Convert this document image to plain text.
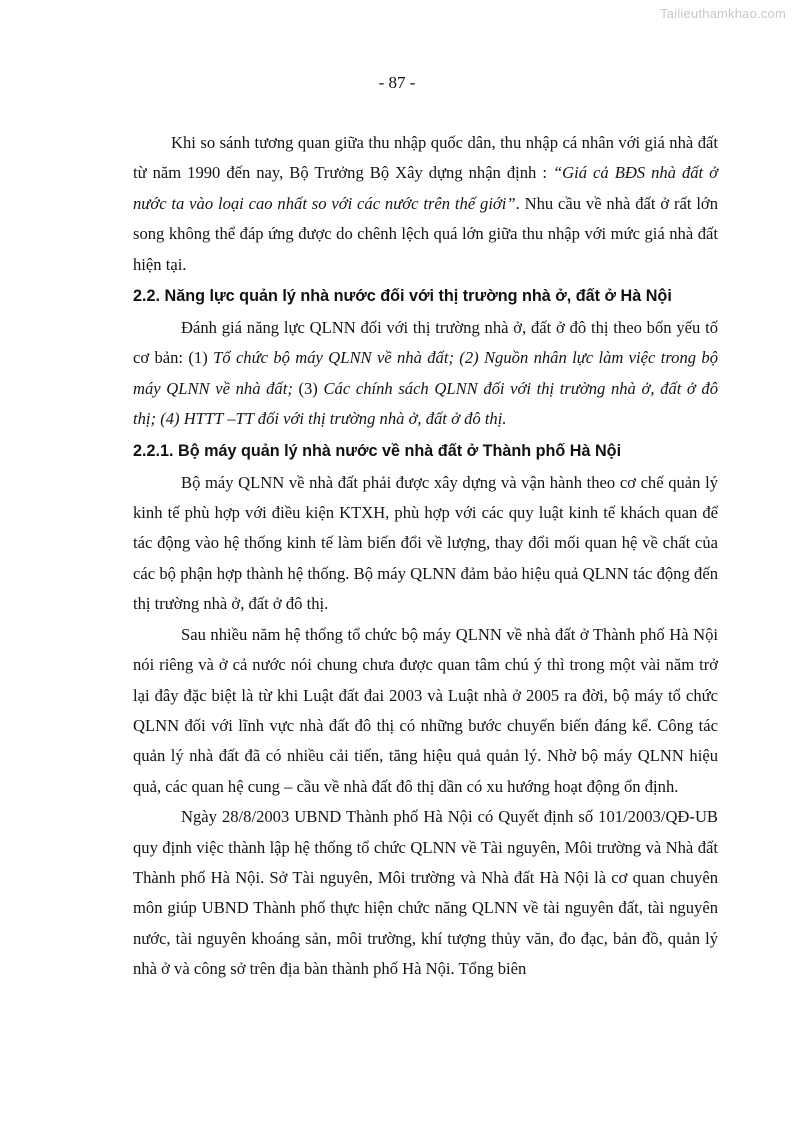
Tailieuthamkhao.com
- 87 -

Khi so sánh tương quan giữa thu nhập quốc dân, thu nhập cá nhân với giá nhà đất từ năm 1990 đến nay, Bộ Trưởng Bộ Xây dựng nhận định : “Giá cả BĐS nhà đất ở nước ta vào loại cao nhất so với các nước trên thế giới”. Nhu cầu về nhà đất ở rất lớn song không thể đáp ứng được do chênh lệch quá lớn giữa thu nhập với mức giá nhà đất hiện tại.

2.2. Năng lực quản lý nhà nước đối với thị trường nhà ở, đất ở Hà Nội

Đánh giá năng lực QLNN đối với thị trường nhà ở, đất ở đô thị theo bốn yếu tố cơ bản: (1) Tổ chức bộ máy QLNN về nhà đất; (2) Nguồn nhân lực làm việc trong bộ máy QLNN về nhà đất; (3) Các chính sách QLNN đối với thị trường nhà ở, đất ở đô thị; (4) HTTT –TT đối với thị trường nhà ở, đất ở đô thị.

2.2.1. Bộ máy quản lý nhà nước về nhà đất ở Thành phố Hà Nội

Bộ máy QLNN về nhà đất phải được xây dựng và vận hành theo cơ chế quản lý kinh tế phù hợp với điều kiện KTXH, phù hợp với các quy luật kinh tế khách quan để tác động vào hệ thống kinh tế làm biến đổi về lượng, thay đổi mối quan hệ về chất của các bộ phận hợp thành hệ thống. Bộ máy QLNN đảm bảo hiệu quả QLNN tác động đến thị trường nhà ở, đất ở đô thị.

Sau nhiều năm hệ thống tổ chức bộ máy QLNN về nhà đất ở Thành phố Hà Nội nói riêng và ở cả nước nói chung chưa được quan tâm chú ý thì trong một vài năm trở lại đây đặc biệt là từ khi Luật đất đai 2003 và Luật nhà ở 2005 ra đời, bộ máy tổ chức QLNN đối với lĩnh vực nhà đất đô thị có những bước chuyển biến đáng kể. Công tác quản lý nhà đất đã có nhiều cải tiến, tăng hiệu quả quản lý. Nhờ bộ máy QLNN hiệu quả, các quan hệ cung – cầu về nhà đất đô thị dần có xu hướng hoạt động ổn định.

Ngày 28/8/2003 UBND Thành phố Hà Nội có Quyết định số 101/2003/QĐ-UB quy định việc thành lập hệ thống tổ chức QLNN về Tài nguyên, Môi trường và Nhà đất Thành phố Hà Nội. Sở Tài nguyên, Môi trường và Nhà đất Hà Nội là cơ quan chuyên môn giúp UBND Thành phố thực hiện chức năng QLNN về tài nguyên đất, tài nguyên nước, tài nguyên khoáng sản, môi trường, khí tượng thủy văn, đo đạc, bản đồ, quản lý nhà ở và công sở trên địa bàn thành phố Hà Nội. Tổng biên
